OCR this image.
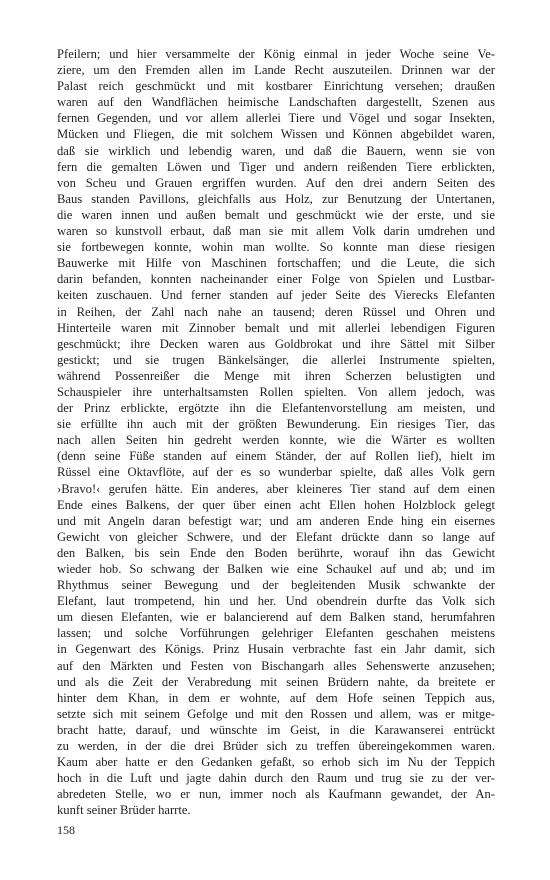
Pfeilern; und hier versammelte der König einmal in jeder Woche seine Ve-
ziere, um den Fremden allen im Lande Recht auszuteilen. Drinnen war der
Palast reich geschmückt und mit kostbarer Einrichtung versehen; draußen
waren auf den Wandflächen heimische Landschaften dargestellt, Szenen aus
fernen Gegenden, und vor allem allerlei Tiere und Vögel und sogar Insekten,
Mücken und Fliegen, die mit solchem Wissen und Können abgebildet waren,
daß sie wirklich und lebendig waren, und daß die Bauern, wenn sie von
fern die gemalten Löwen und Tiger und andern reißenden Tiere erblickten,
von Scheu und Grauen ergriffen wurden. Auf den drei andern Seiten des
Baus standen Pavillons, gleichfalls aus Holz, zur Benutzung der Untertanen,
die waren innen und außen bemalt und geschmückt wie der erste, und sie
waren so kunstvoll erbaut, daß man sie mit allem Volk darin umdrehen und
sie fortbewegen konnte, wohin man wollte. So konnte man diese riesigen
Bauwerke mit Hilfe von Maschinen fortschaffen; und die Leute, die sich
darin befanden, konnten nacheinander einer Folge von Spielen und Lustbar-
keiten zuschauen. Und ferner standen auf jeder Seite des Vierecks Elefanten
in Reihen, der Zahl nach nahe an tausend; deren Rüssel und Ohren und
Hinterteile waren mit Zinnober bemalt und mit allerlei lebendigen Figuren
geschmückt; ihre Decken waren aus Goldbrokat und ihre Sättel mit Silber
gestickt; und sie trugen Bänkelsänger, die allerlei Instrumente spielten,
während Possenreißer die Menge mit ihren Scherzen belustigten und
Schauspieler ihre unterhaltsamsten Rollen spielten. Von allem jedoch, was
der Prinz erblickte, ergötzte ihn die Elefantenvorstellung am meisten, und
sie erfüllte ihn auch mit der größten Bewunderung. Ein riesiges Tier, das
nach allen Seiten hin gedreht werden konnte, wie die Wärter es wollten
(denn seine Füße standen auf einem Ständer, der auf Rollen lief), hielt im
Rüssel eine Oktavflöte, auf der es so wunderbar spielte, daß alles Volk gern
›Bravo!‹ gerufen hätte. Ein anderes, aber kleineres Tier stand auf dem einen
Ende eines Balkens, der quer über einen acht Ellen hohen Holzblock gelegt
und mit Angeln daran befestigt war; und am anderen Ende hing ein eisernes
Gewicht von gleicher Schwere, und der Elefant drückte dann so lange auf
den Balken, bis sein Ende den Boden berührte, worauf ihn das Gewicht
wieder hob. So schwang der Balken wie eine Schaukel auf und ab; und im
Rhythmus seiner Bewegung und der begleitenden Musik schwankte der
Elefant, laut trompetend, hin und her. Und obendrein durfte das Volk sich
um diesen Elefanten, wie er balancierend auf dem Balken stand, herumfahren
lassen; und solche Vorführungen gelehriger Elefanten geschahen meistens
in Gegenwart des Königs. Prinz Husain verbrachte fast ein Jahr damit, sich
auf den Märkten und Festen von Bischangarh alles Sehenswerte anzusehen;
und als die Zeit der Verabredung mit seinen Brüdern nahte, da breitete er
hinter dem Khan, in dem er wohnte, auf dem Hofe seinen Teppich aus,
setzte sich mit seinem Gefolge und mit den Rossen und allem, was er mitge-
bracht hatte, darauf, und wünschte im Geist, in die Karawanserei entrückt
zu werden, in der die drei Brüder sich zu treffen übereingekommen waren.
Kaum aber hatte er den Gedanken gefaßt, so erhob sich im Nu der Teppich
hoch in die Luft und jagte dahin durch den Raum und trug sie zu der ver-
abredeten Stelle, wo er nun, immer noch als Kaufmann gewandet, der An-
kunft seiner Brüder harrte.
158
